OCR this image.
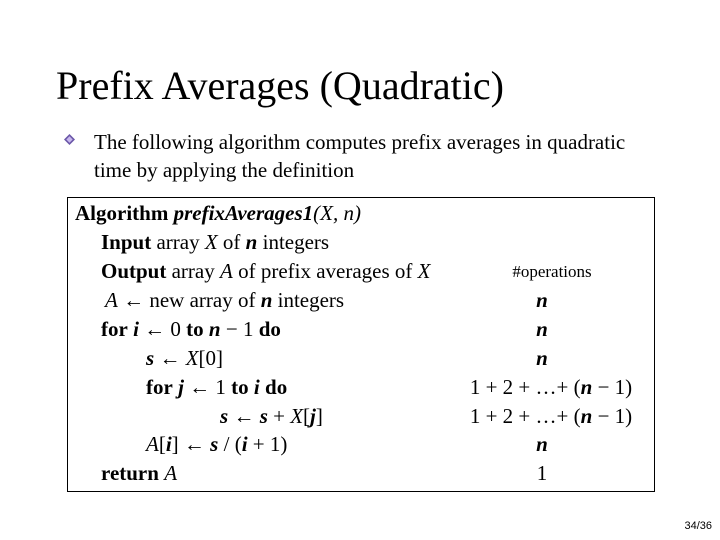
Prefix Averages (Quadratic)
The following algorithm computes prefix averages in quadratic time by applying the definition
Algorithm prefixAverages1(X, n)
Input array X of n integers
Output array A of prefix averages of X	#operations
A ← new array of n integers	n
for i ← 0 to n − 1 do	n
s ← X[0]	n
for j ← 1 to i do	1 + 2 + …+ (n − 1)
s ← s + X[j]	1 + 2 + …+ (n − 1)
A[i] ← s / (i + 1)	n
return A	1
34/36
